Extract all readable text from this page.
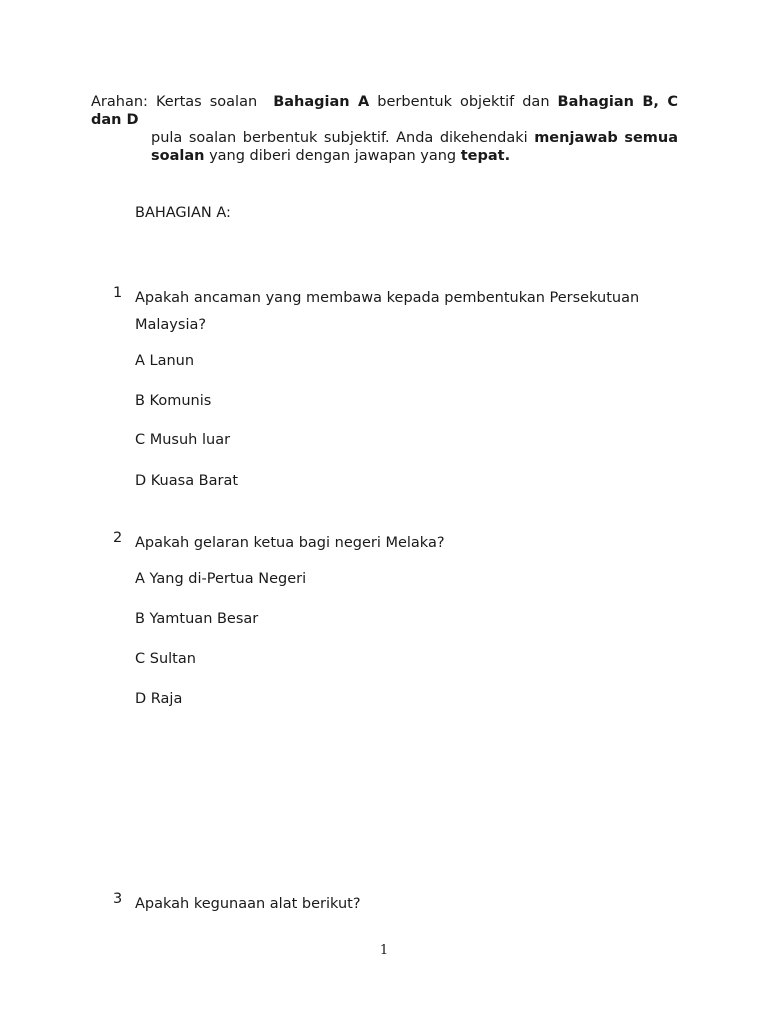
Arahan: Kertas soalan Bahagian A berbentuk objektif dan Bahagian B, C
dan D
pula soalan berbentuk subjektif. Anda dikehendaki menjawab semua soalan yang diberi dengan jawapan yang tepat.
BAHAGIAN A:
1 Apakah ancaman yang membawa kepada pembentukan Persekutuan Malaysia?
A Lanun
B Komunis
C Musuh luar
D Kuasa Barat
2 Apakah gelaran ketua bagi negeri Melaka?
A Yang di-Pertua Negeri
B Yamtuan Besar
C Sultan
D Raja
3 Apakah kegunaan alat berikut?
1
